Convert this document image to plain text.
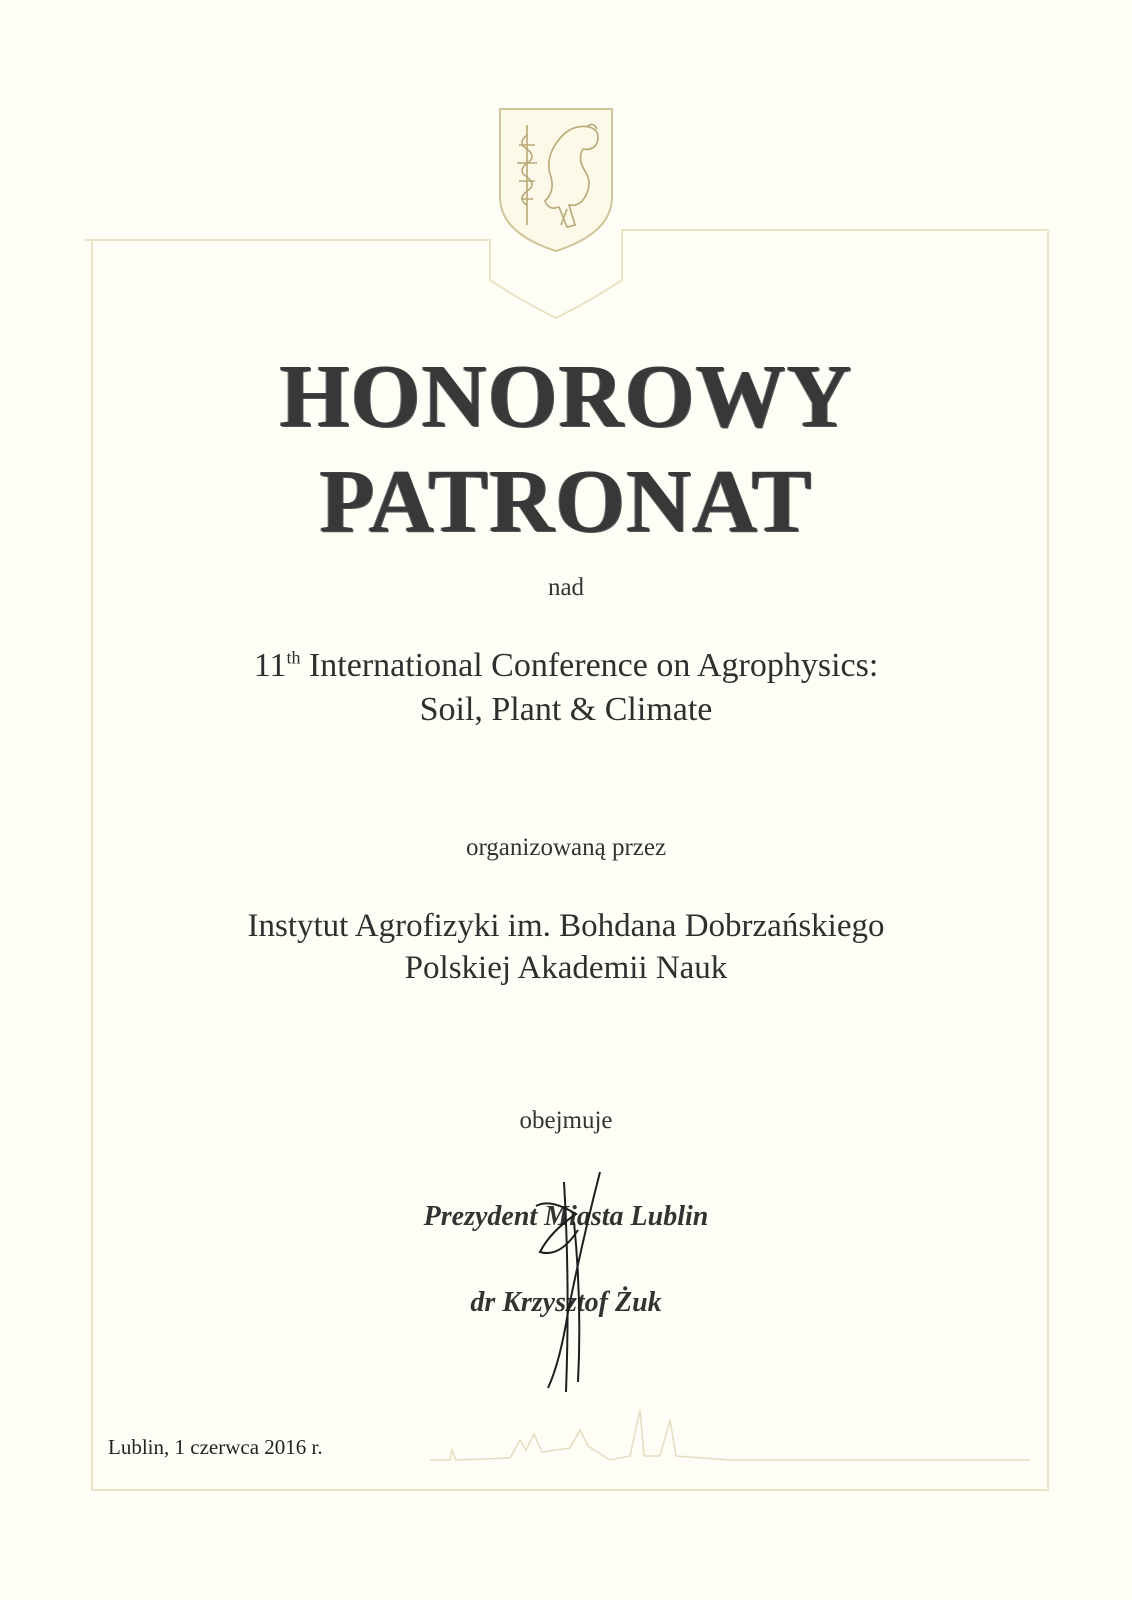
HONOROWY
PATRONAT
nad
11th International Conference on Agrophysics:
Soil, Plant & Climate
organizowaną przez
Instytut Agrofizyki im. Bohdana Dobrzańskiego
Polskiej Akademii Nauk
obejmuje
Prezydent Miasta Lublin
dr Krzysztof Żuk
Lublin, 1 czerwca 2016 r.
